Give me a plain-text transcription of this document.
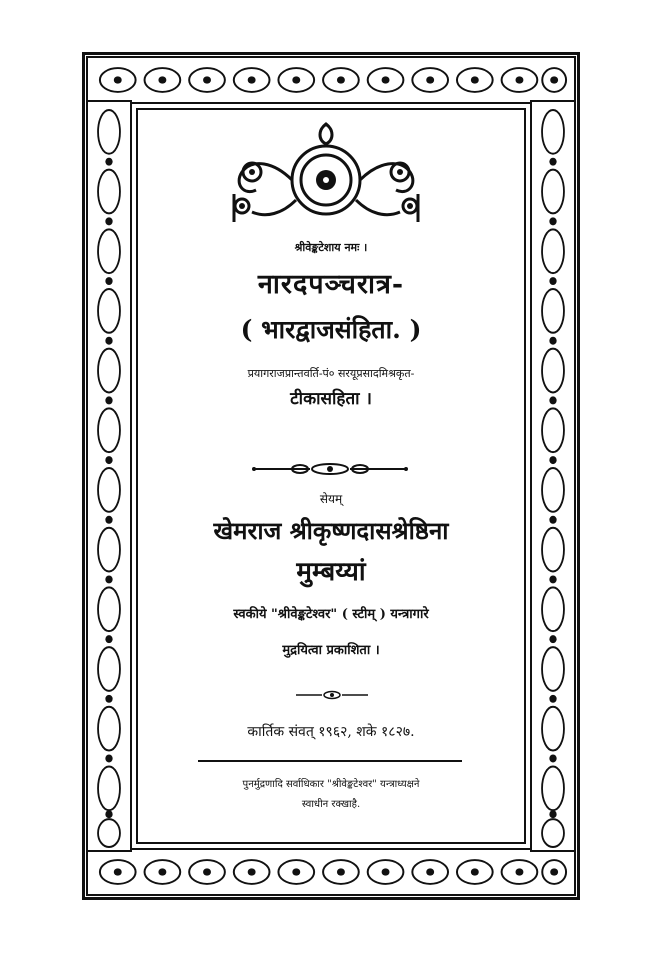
श्रीवेङ्कटेशाय नमः ।
नारदपञ्चरात्र-
( भारद्वाजसंहिता. )
प्रयागराजप्रान्तवर्ति-पं० सरयूप्रसादमिश्रकृत-
टीकासहिता ।
सेयम्
खेमराज श्रीकृष्णदासश्रेष्ठिना
मुम्बय्यां
स्वकीये "श्रीवेङ्कटेश्वर" ( स्टीम् ) यन्त्रागारे
मुद्रयित्वा प्रकाशिता ।
कार्तिक संवत् १९६२, शके १८२७.
पुनर्मुद्रणादि सर्वाधिकार "श्रीवेङ्कटेश्वर" यन्त्राध्यक्षने
स्वाधीन रक्खाहै.
